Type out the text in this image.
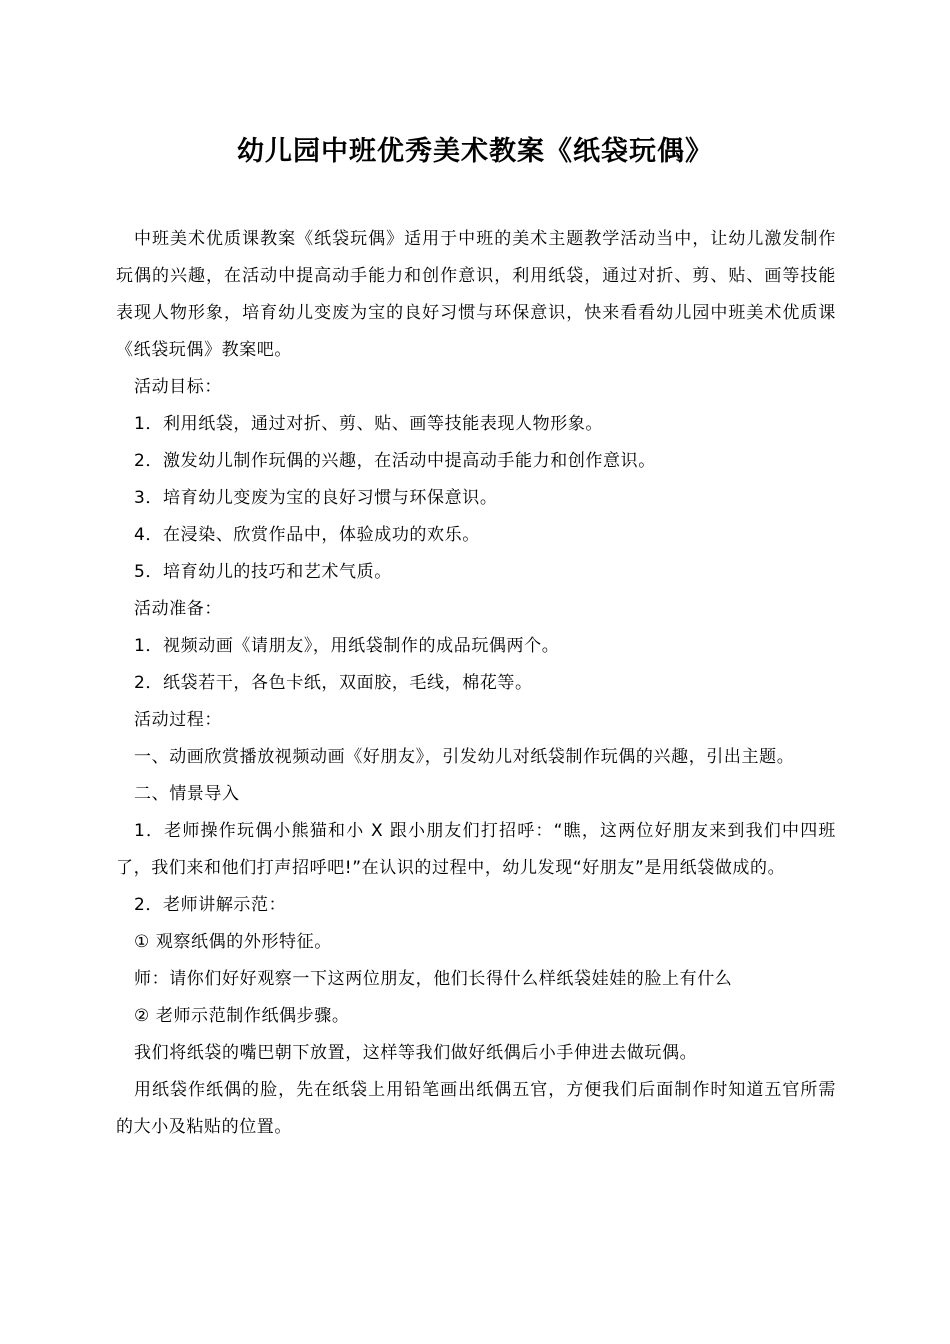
幼儿园中班优秀美术教案《纸袋玩偶》

中班美术优质课教案《纸袋玩偶》适用于中班的美术主题教学活动当中，让幼儿激发制作玩偶的兴趣，在活动中提高动手能力和创作意识，利用纸袋，通过对折、剪、贴、画等技能表现人物形象，培育幼儿变废为宝的良好习惯与环保意识，快来看看幼儿园中班美术优质课《纸袋玩偶》教案吧。

活动目标：

1．利用纸袋，通过对折、剪、贴、画等技能表现人物形象。

2．激发幼儿制作玩偶的兴趣，在活动中提高动手能力和创作意识。

3．培育幼儿变废为宝的良好习惯与环保意识。

4．在浸染、欣赏作品中，体验成功的欢乐。

5．培育幼儿的技巧和艺术气质。

活动准备：

1．视频动画《请朋友》，用纸袋制作的成品玩偶两个。

2．纸袋若干，各色卡纸，双面胶，毛线，棉花等。

活动过程：

一、动画欣赏播放视频动画《好朋友》，引发幼儿对纸袋制作玩偶的兴趣，引出主题。

二、情景导入

1．老师操作玩偶小熊猫和小 X 跟小朋友们打招呼：“瞧，这两位好朋友来到我们中四班了，我们来和他们打声招呼吧!”在认识的过程中，幼儿发现“好朋友”是用纸袋做成的。

2．老师讲解示范：

① 观察纸偶的外形特征。

师：请你们好好观察一下这两位朋友，他们长得什么样纸袋娃娃的脸上有什么

② 老师示范制作纸偶步骤。

我们将纸袋的嘴巴朝下放置，这样等我们做好纸偶后小手伸进去做玩偶。

用纸袋作纸偶的脸，先在纸袋上用铅笔画出纸偶五官，方便我们后面制作时知道五官所需的大小及粘贴的位置。
